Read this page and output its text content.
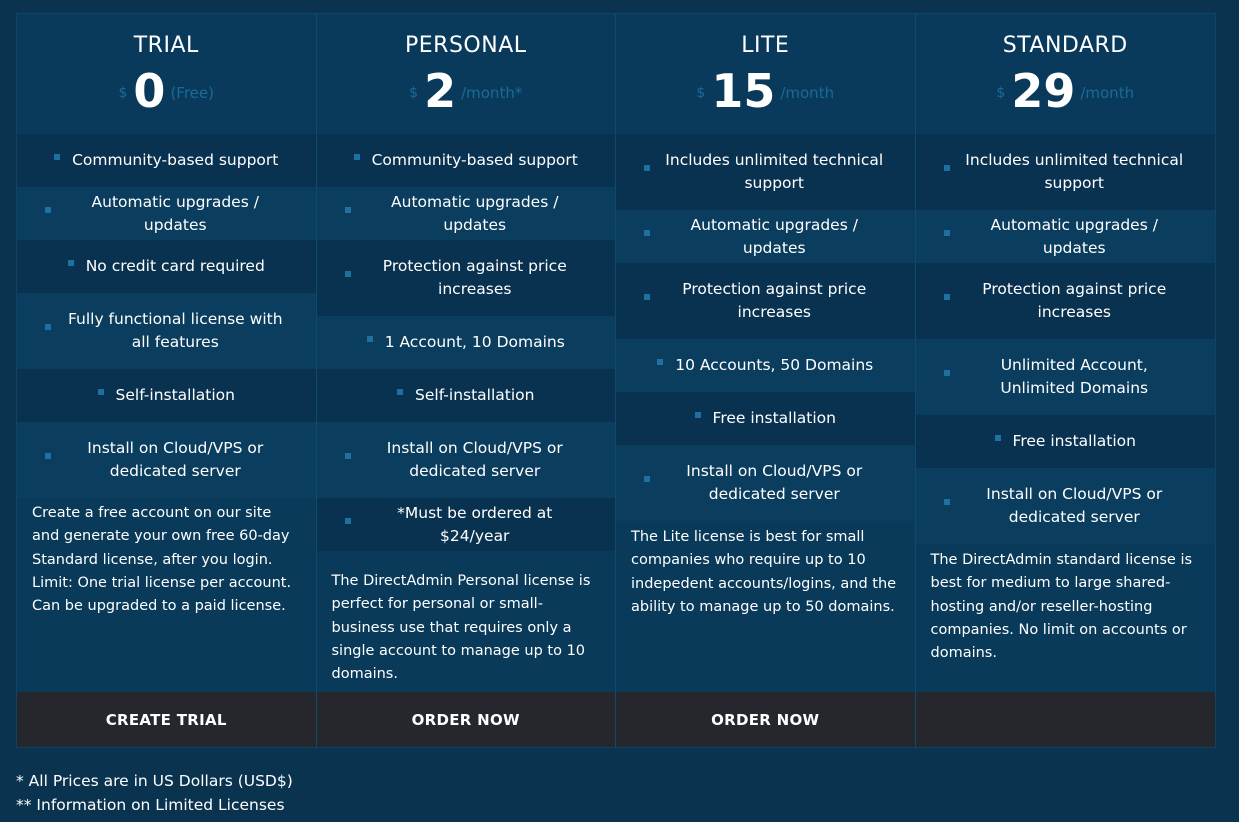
TRIAL
$ 0 (Free)
Community-based support
Automatic upgrades / updates
No credit card required
Fully functional license with all features
Self-installation
Install on Cloud/VPS or dedicated server
Create a free account on our site and generate your own free 60-day Standard license, after you login. Limit: One trial license per account. Can be upgraded to a paid license.
CREATE TRIAL
PERSONAL
$ 2 /month*
Community-based support
Automatic upgrades / updates
Protection against price increases
1 Account, 10 Domains
Self-installation
Install on Cloud/VPS or dedicated server
*Must be ordered at $24/year
The DirectAdmin Personal license is perfect for personal or small-business use that requires only a single account to manage up to 10 domains.
ORDER NOW
LITE
$ 15 /month
Includes unlimited technical support
Automatic upgrades / updates
Protection against price increases
10 Accounts, 50 Domains
Free installation
Install on Cloud/VPS or dedicated server
The Lite license is best for small companies who require up to 10 indepedent accounts/logins, and the ability to manage up to 50 domains.
ORDER NOW
STANDARD
$ 29 /month
Includes unlimited technical support
Automatic upgrades / updates
Protection against price increases
Unlimited Account, Unlimited Domains
Free installation
Install on Cloud/VPS or dedicated server
The DirectAdmin standard license is best for medium to large shared-hosting and/or reseller-hosting companies. No limit on accounts or domains.
* All Prices are in US Dollars (USD$)
** Information on Limited Licenses
